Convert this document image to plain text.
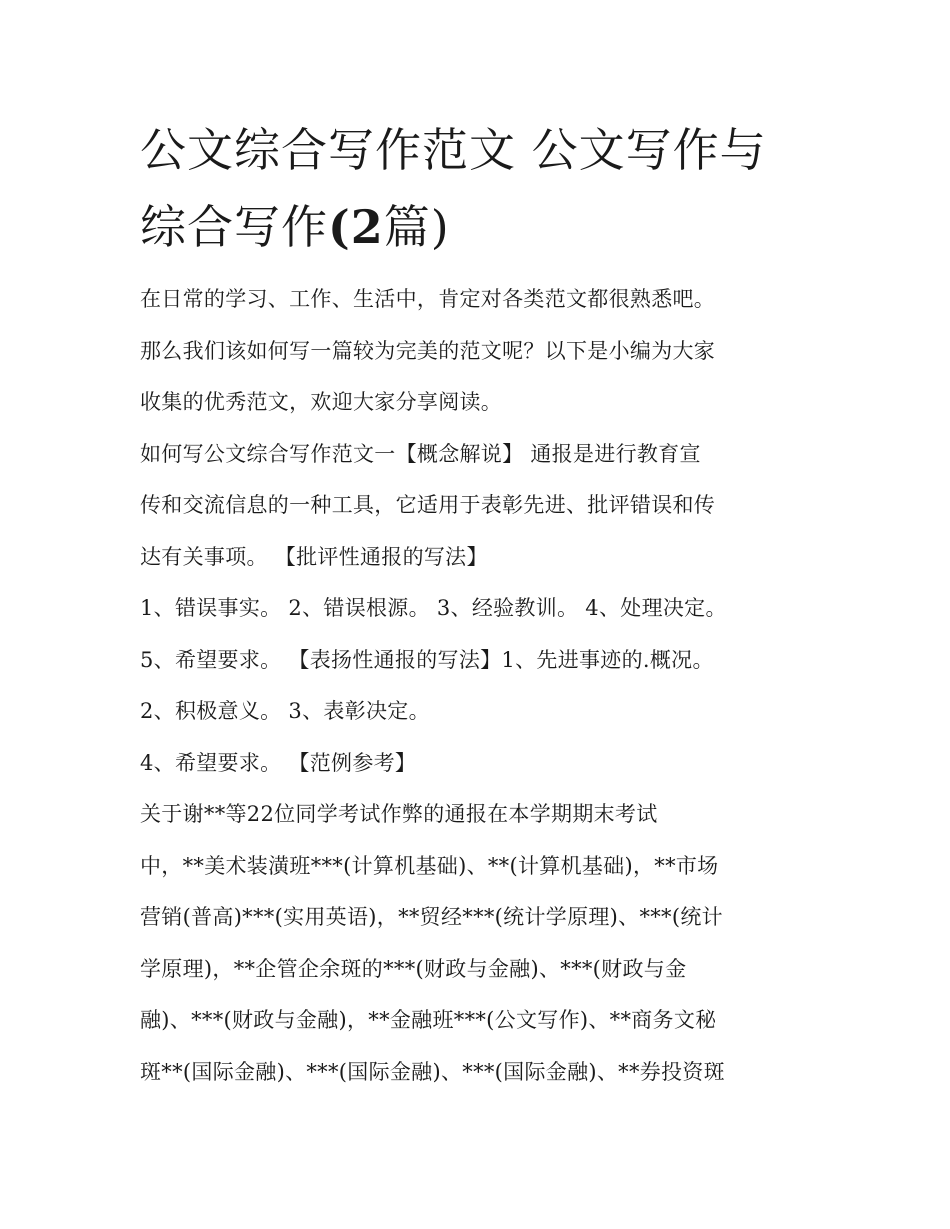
公文综合写作范文 公文写作与
综合写作(2篇)
在日常的学习、工作、生活中，肯定对各类范文都很熟悉吧。
那么我们该如何写一篇较为完美的范文呢？以下是小编为大家
收集的优秀范文，欢迎大家分享阅读。
如何写公文综合写作范文一【概念解说】 通报是进行教育宣
传和交流信息的一种工具，它适用于表彰先进、批评错误和传
达有关事项。 【批评性通报的写法】
1、错误事实。 2、错误根源。 3、经验教训。 4、处理决定。
5、希望要求。 【表扬性通报的写法】1、先进事迹的.概况。
2、积极意义。 3、表彰决定。
4、希望要求。 【范例参考】
关于谢**等22位同学考试作弊的通报在本学期期末考试
中，**美术装潢班***(计算机基础)、**(计算机基础)，**市场
营销(普高)***(实用英语)，**贸经***(统计学原理)、***(统计
学原理)，**企管企余斑的***(财政与金融)、***(财政与金
融)、***(财政与金融)，**金融班***(公文写作)、**商务文秘
斑**(国际金融)、***(国际金融)、***(国际金融)、**券投资斑
